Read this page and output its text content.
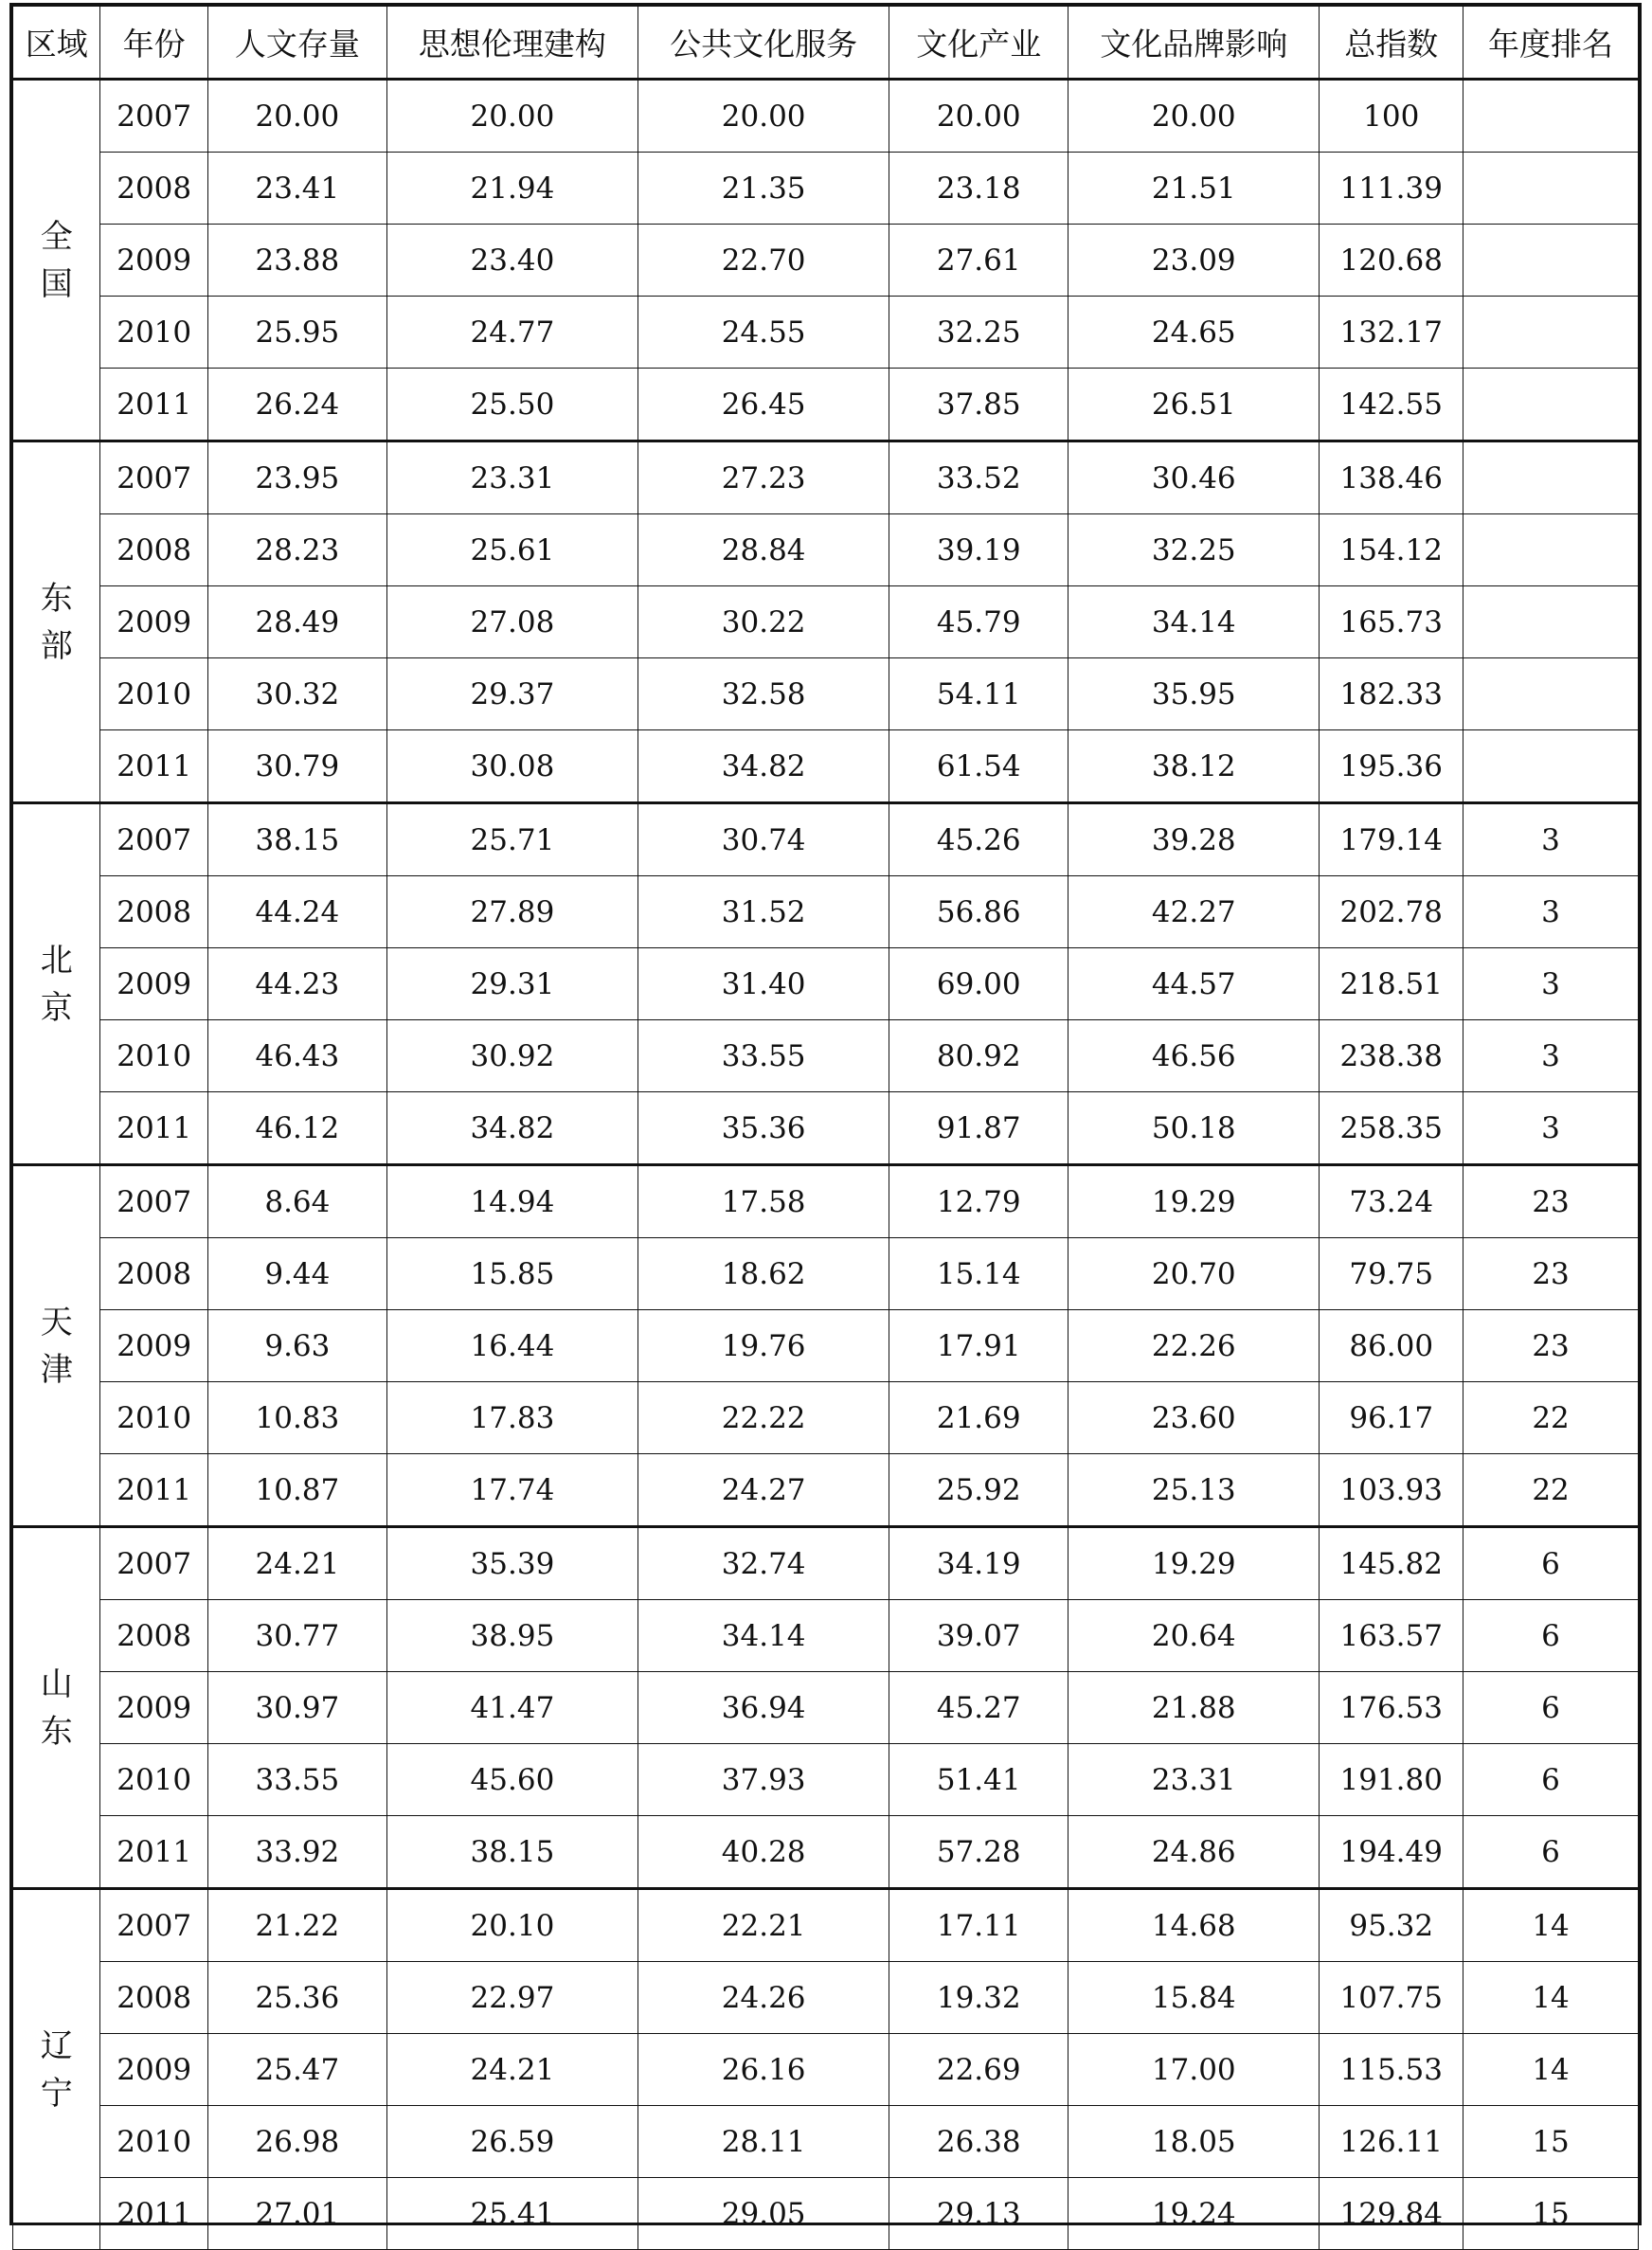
区域	年份	人文存量	思想伦理建构	公共文化服务	文化产业	文化品牌影响	总指数	年度排名
全国	2007	20.00	20.00	20.00	20.00	20.00	100	
	2008	23.41	21.94	21.35	23.18	21.51	111.39	
	2009	23.88	23.40	22.70	27.61	23.09	120.68	
	2010	25.95	24.77	24.55	32.25	24.65	132.17	
	2011	26.24	25.50	26.45	37.85	26.51	142.55	
东部	2007	23.95	23.31	27.23	33.52	30.46	138.46	
	2008	28.23	25.61	28.84	39.19	32.25	154.12	
	2009	28.49	27.08	30.22	45.79	34.14	165.73	
	2010	30.32	29.37	32.58	54.11	35.95	182.33	
	2011	30.79	30.08	34.82	61.54	38.12	195.36	
北京	2007	38.15	25.71	30.74	45.26	39.28	179.14	3
	2008	44.24	27.89	31.52	56.86	42.27	202.78	3
	2009	44.23	29.31	31.40	69.00	44.57	218.51	3
	2010	46.43	30.92	33.55	80.92	46.56	238.38	3
	2011	46.12	34.82	35.36	91.87	50.18	258.35	3
天津	2007	8.64	14.94	17.58	12.79	19.29	73.24	23
	2008	9.44	15.85	18.62	15.14	20.70	79.75	23
	2009	9.63	16.44	19.76	17.91	22.26	86.00	23
	2010	10.83	17.83	22.22	21.69	23.60	96.17	22
	2011	10.87	17.74	24.27	25.92	25.13	103.93	22
山东	2007	24.21	35.39	32.74	34.19	19.29	145.82	6
	2008	30.77	38.95	34.14	39.07	20.64	163.57	6
	2009	30.97	41.47	36.94	45.27	21.88	176.53	6
	2010	33.55	45.60	37.93	51.41	23.31	191.80	6
	2011	33.92	38.15	40.28	57.28	24.86	194.49	6
辽宁	2007	21.22	20.10	22.21	17.11	14.68	95.32	14
	2008	25.36	22.97	24.26	19.32	15.84	107.75	14
	2009	25.47	24.21	26.16	22.69	17.00	115.53	14
	2010	26.98	26.59	28.11	26.38	18.05	126.11	15
	2011	27.01	25.41	29.05	29.13	19.24	129.84	15
